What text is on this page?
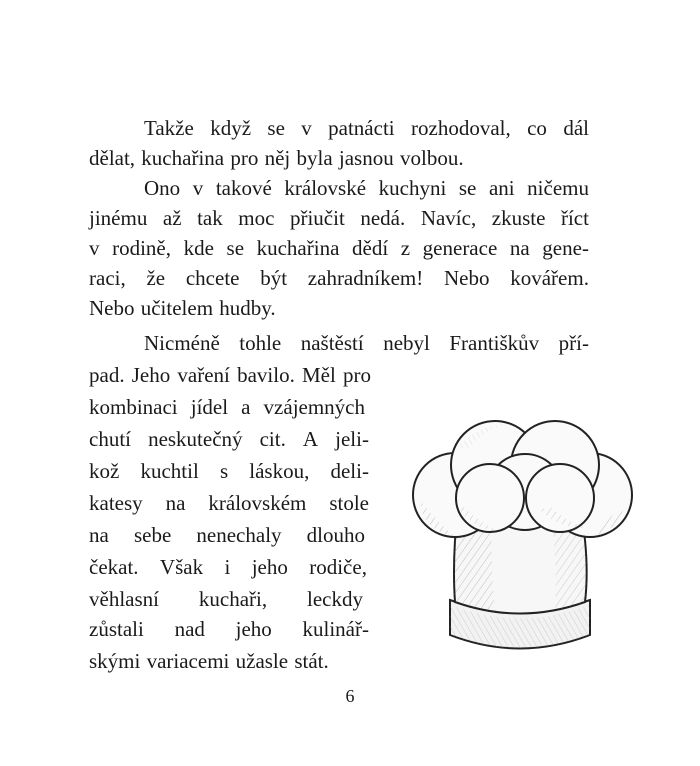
Takže když se v patnácti rozhodoval, co dál
dělat, kuchařina pro něj byla jasnou volbou.
Ono v takové královské kuchyni se ani ničemu
jinému až tak moc přiučit nedá. Navíc, zkuste říct
v rodině, kde se kuchařina dědí z generace na gene-
raci, že chcete být zahradníkem! Nebo kovářem.
Nebo učitelem hudby.
Nicméně tohle naštěstí nebyl Františkův pří-
pad. Jeho vaření bavilo. Měl pro
kombinaci jídel a vzájemných
chutí neskutečný cit. A jeli-
kož kuchtil s láskou, deli-
katesy na královském stole
na sebe nenechaly dlouho
čekat. Však i jeho rodiče,
věhlasní kuchaři, leckdy
zůstali nad jeho kulinář-
skými variacemi užasle stát.
6
